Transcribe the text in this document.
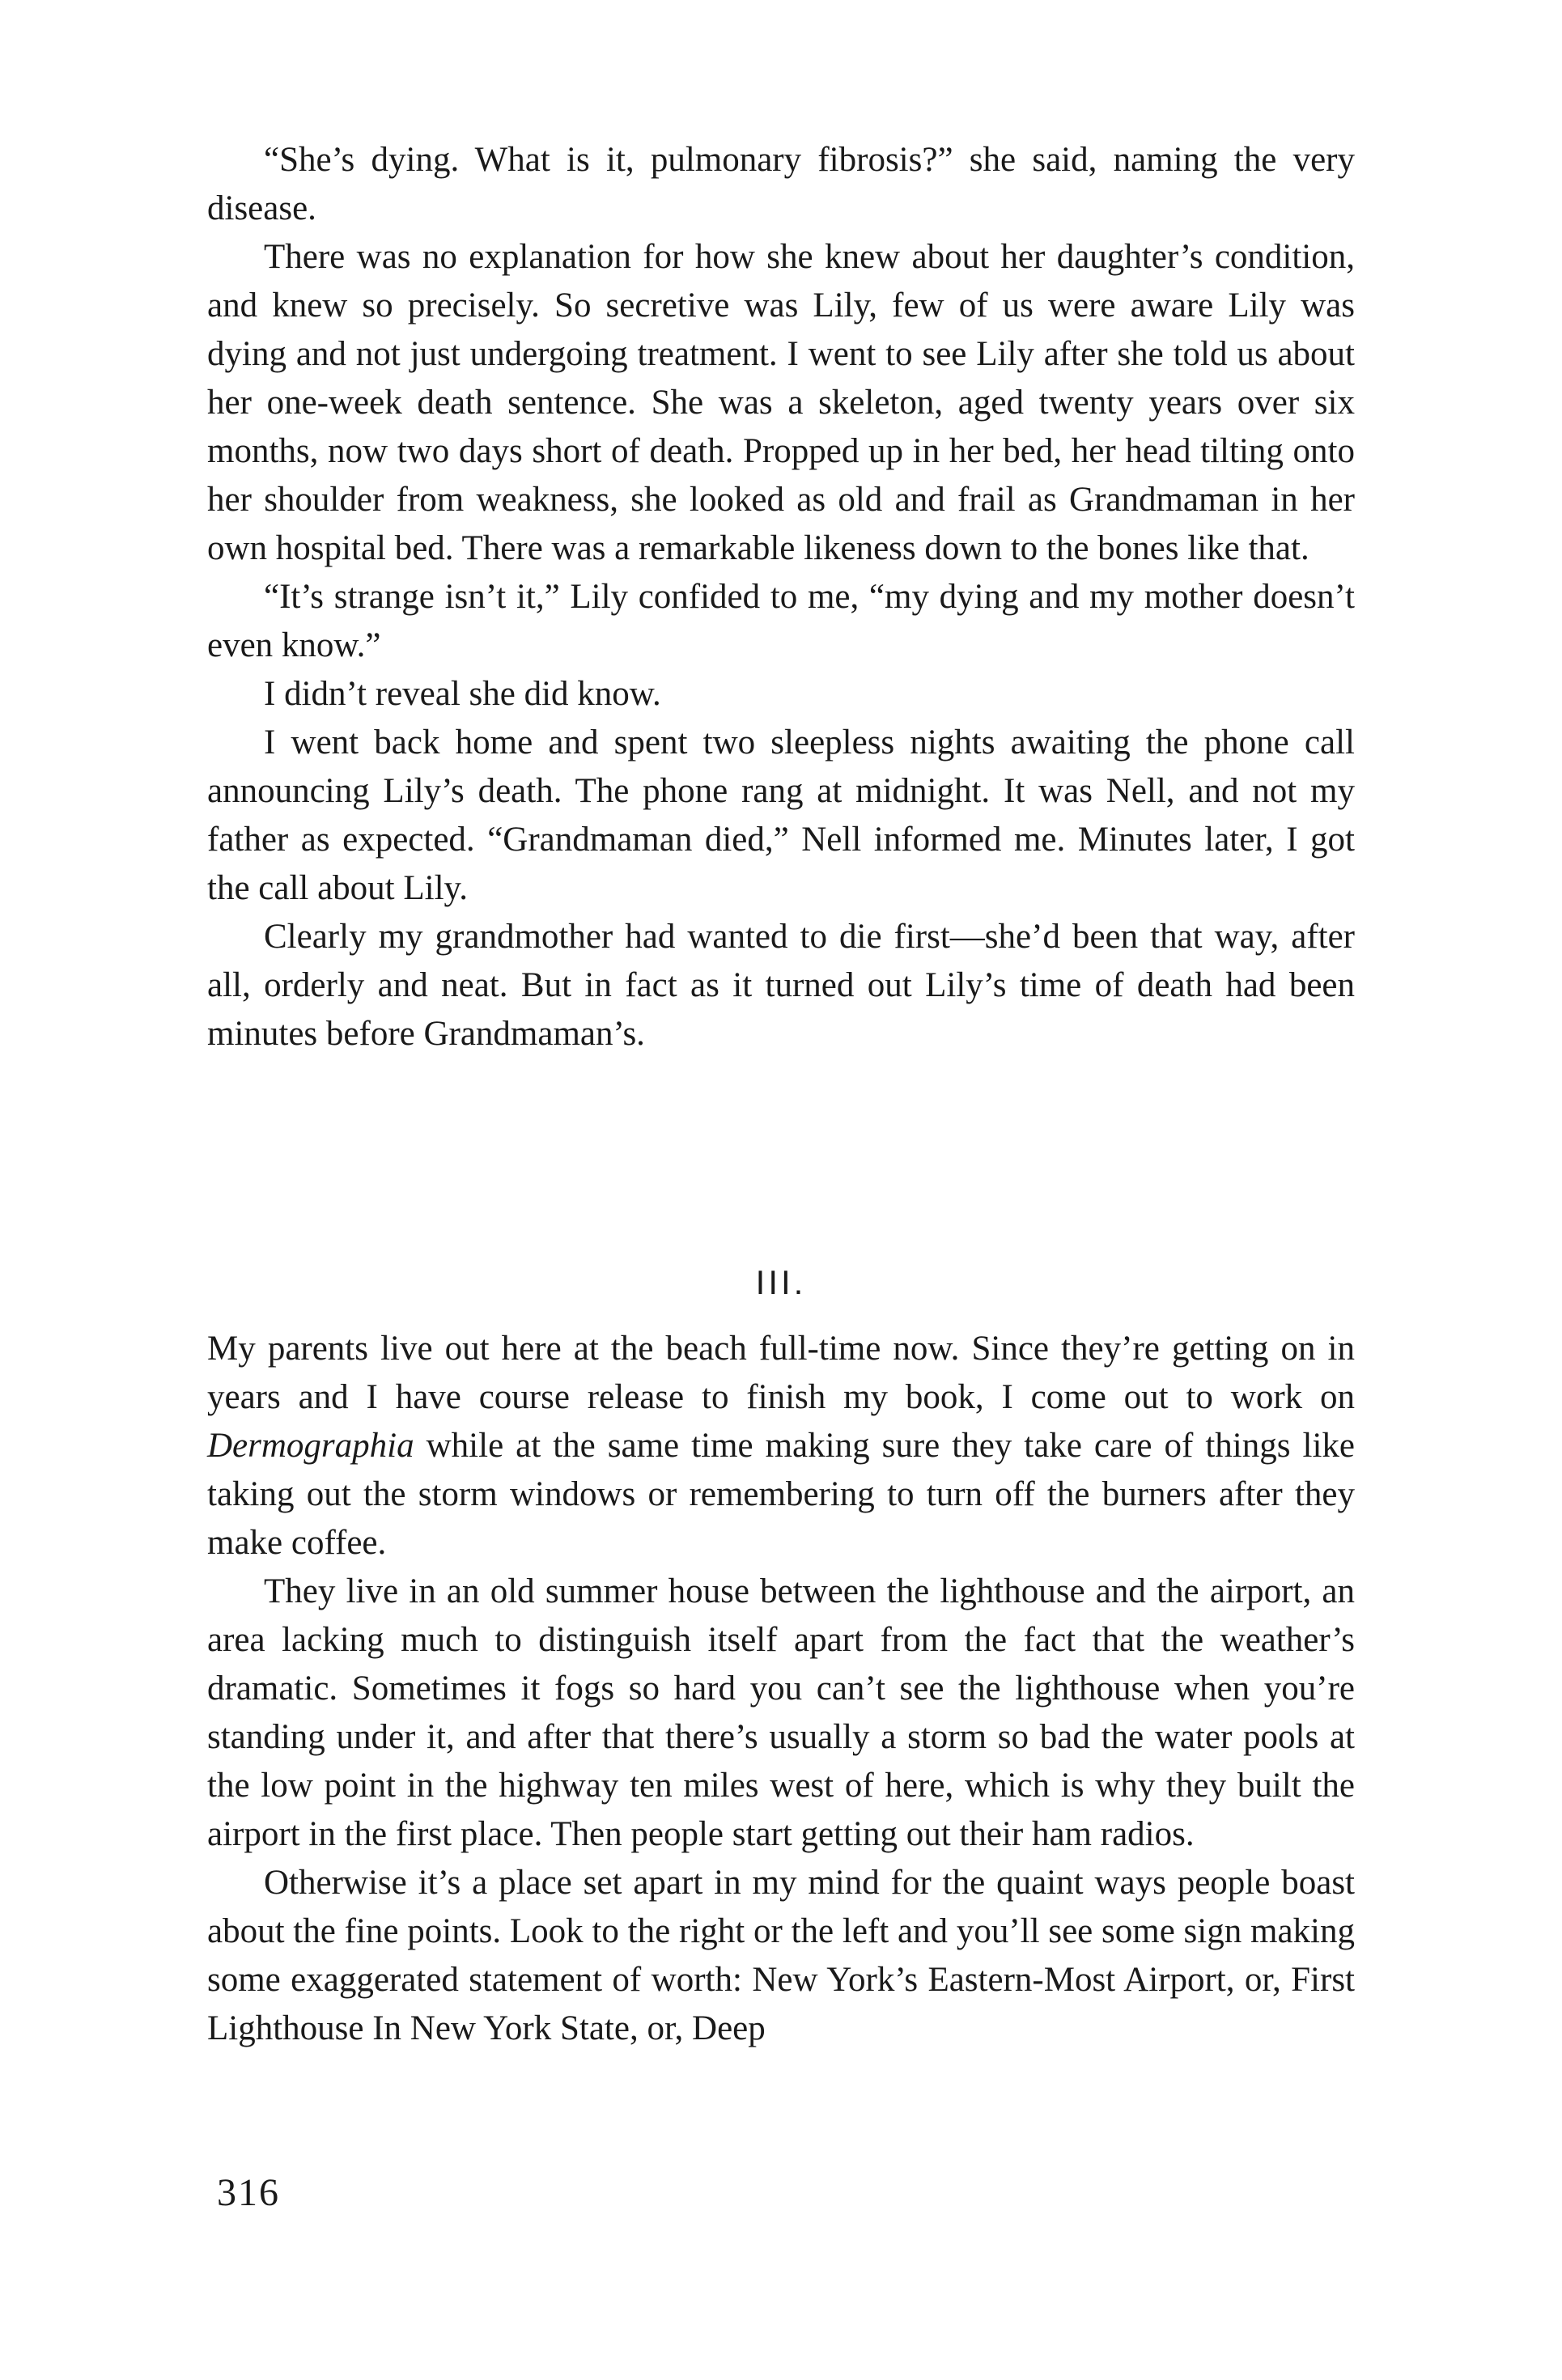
“She’s dying. What is it, pulmonary fibrosis?” she said, naming the very disease.

There was no explanation for how she knew about her daughter’s condition, and knew so precisely. So secretive was Lily, few of us were aware Lily was dying and not just undergoing treatment. I went to see Lily after she told us about her one-week death sentence. She was a skeleton, aged twenty years over six months, now two days short of death. Propped up in her bed, her head tilting onto her shoulder from weakness, she looked as old and frail as Grandmaman in her own hospital bed. There was a remarkable likeness down to the bones like that.

“It’s strange isn’t it,” Lily confided to me, “my dying and my mother doesn’t even know.”

I didn’t reveal she did know.

I went back home and spent two sleepless nights awaiting the phone call announcing Lily’s death. The phone rang at midnight. It was Nell, and not my father as expected. “Grandmaman died,” Nell informed me. Minutes later, I got the call about Lily.

Clearly my grandmother had wanted to die first—she’d been that way, after all, orderly and neat. But in fact as it turned out Lily’s time of death had been minutes before Grandmaman’s.

III.

My parents live out here at the beach full-time now. Since they’re getting on in years and I have course release to finish my book, I come out to work on Dermographia while at the same time making sure they take care of things like taking out the storm windows or remembering to turn off the burners after they make coffee.

They live in an old summer house between the lighthouse and the airport, an area lacking much to distinguish itself apart from the fact that the weather’s dramatic. Sometimes it fogs so hard you can’t see the lighthouse when you’re standing under it, and after that there’s usually a storm so bad the water pools at the low point in the highway ten miles west of here, which is why they built the airport in the first place. Then people start getting out their ham radios.

Otherwise it’s a place set apart in my mind for the quaint ways people boast about the fine points. Look to the right or the left and you’ll see some sign making some exaggerated statement of worth: New York’s Eastern-Most Airport, or, First Lighthouse In New York State, or, Deep

316
